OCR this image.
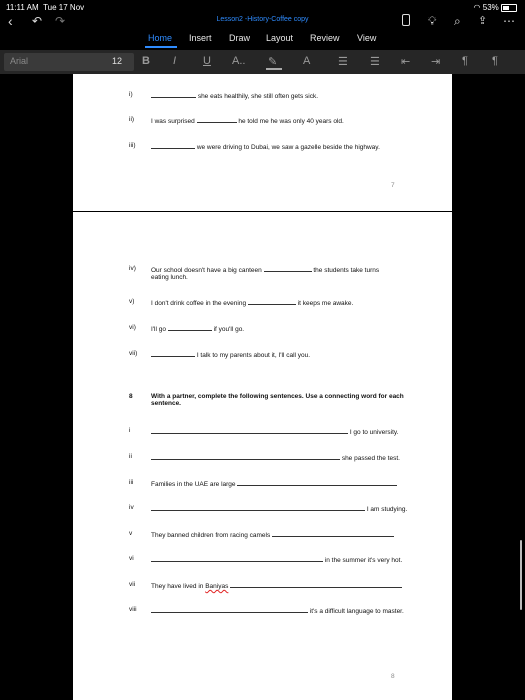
11:11 AM Tue 17 Nov	◠ 53%
‹ ↶ ↷	Lesson2 -History-Coffee copy	💡︎ ⌕ ⇪ ⋯
Home Insert Draw Layout Review View
Arial	12 B I U A.. ✎	A	☰ ☰ ⇤ ⇥ ¶ ¶
i)	she eats healthily, she still often gets sick.
ii)	I was surprised	he told me he was only 40 years old.
iii)	we were driving to Dubai, we saw a gazelle beside the highway.
7
iv) Our school doesn't have a big canteen	the students take turns
eating lunch.
v)	I don't drink coffee in the evening	it keeps me awake.
vi) I'll go	if you'll go.
vii)	I talk to my parents about it, I'll call you.
8	With a partner, complete the following sentences. Use a connecting word for each sentence.
i	I go to university.
ii	she passed the test.
iii	Families in the UAE are large
iv	I am studying.
v	They banned children from racing camels
vi	in the summer it's very hot.
vii They have lived in Baniyas
viii	it's a difficult language to master.
8
